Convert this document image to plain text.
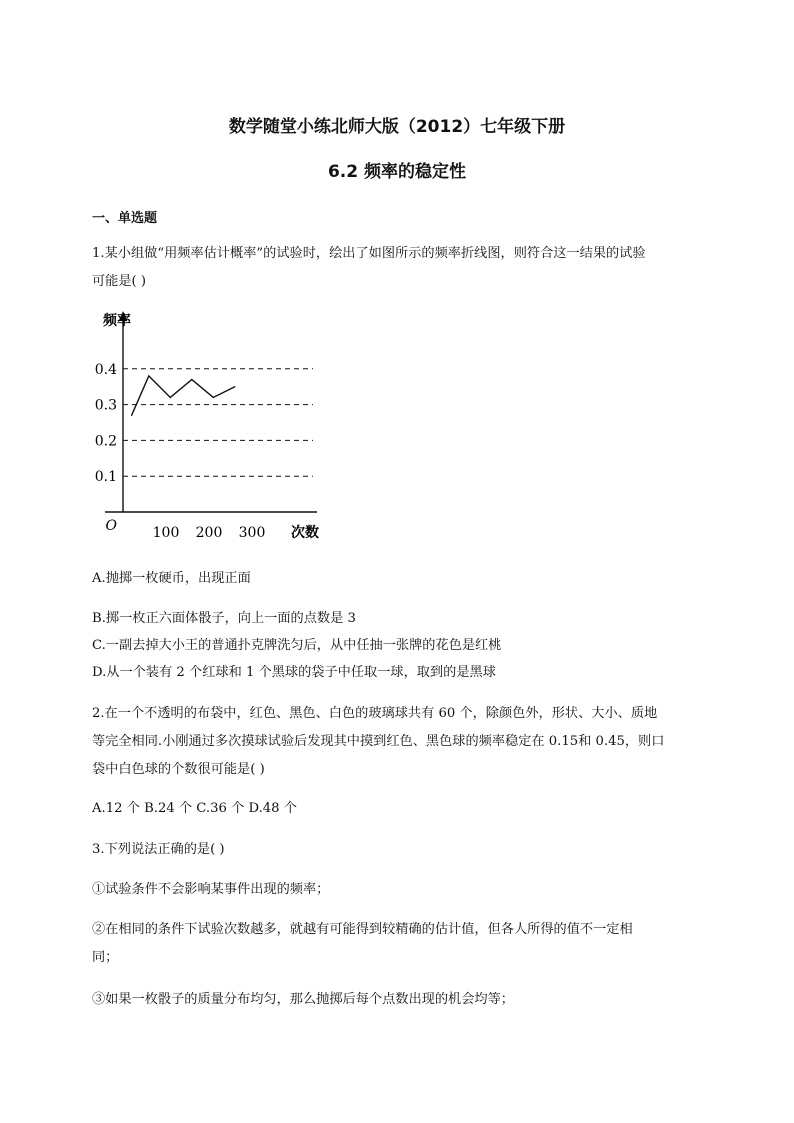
数学随堂小练北师大版（2012）七年级下册
6.2 频率的稳定性
一、单选题
1.某小组做“用频率估计概率”的试验时，绘出了如图所示的频率折线图，则符合这一结果的试验
可能是( )
0.1
0.2
0.3
0.4
100 200 300
O
频率
次数
A.抛掷一枚硬币，出现正面
B.掷一枚正六面体骰子，向上一面的点数是 3
C.一副去掉大小王的普通扑克牌洗匀后，从中任抽一张牌的花色是红桃
D.从一个装有 2 个红球和 1 个黑球的袋子中任取一球，取到的是黑球
2.在一个不透明的布袋中，红色、黑色、白色的玻璃球共有 60 个，除颜色外，形状、大小、质地
等完全相同.小刚通过多次摸球试验后发现其中摸到红色、黑色球的频率稳定在 0.15和 0.45，则口
袋中白色球的个数很可能是( )
A.12 个 B.24 个 C.36 个 D.48 个
3.下列说法正确的是( )
①试验条件不会影响某事件出现的频率；
②在相同的条件下试验次数越多，就越有可能得到较精确的估计值，但各人所得的值不一定相
同；
③如果一枚骰子的质量分布均匀，那么抛掷后每个点数出现的机会均等；
